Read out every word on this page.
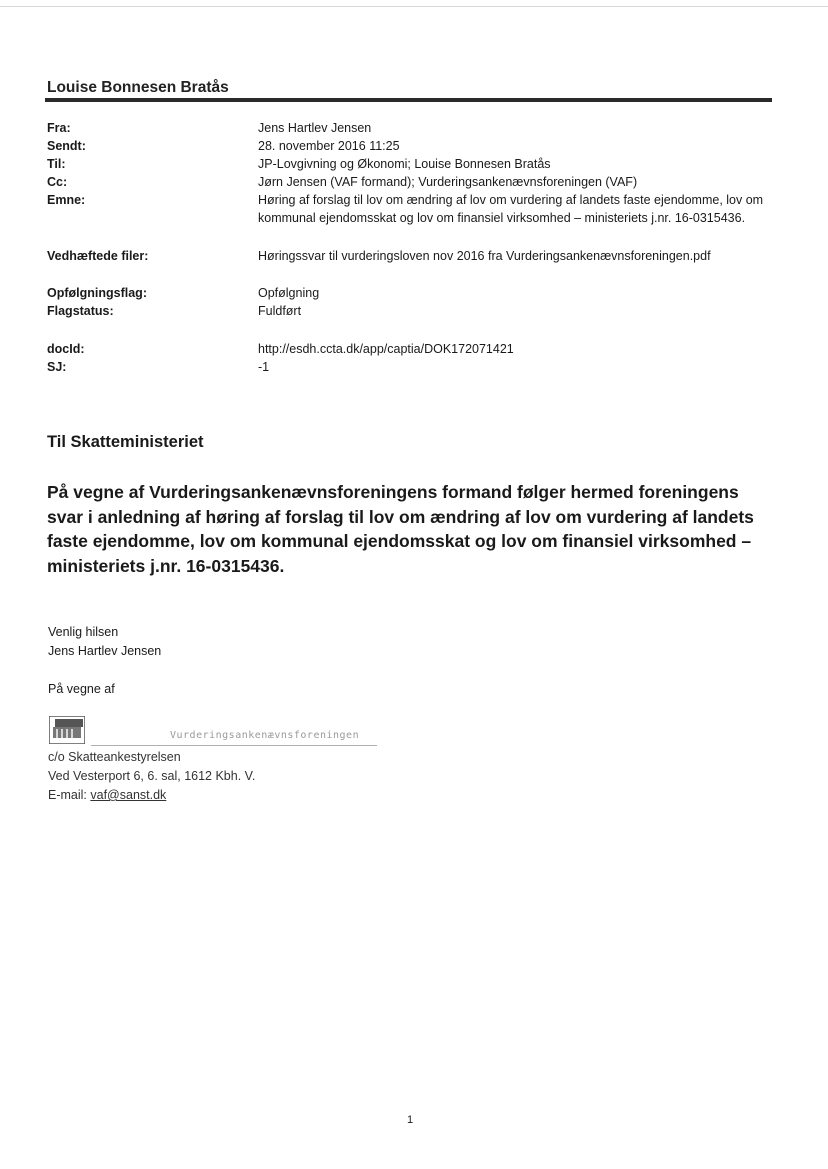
Louise Bonnesen Bratås
Fra:	Jens Hartlev Jensen
Sendt:	28. november 2016 11:25
Til:	JP-Lovgivning og Økonomi; Louise Bonnesen Bratås
Cc:	Jørn Jensen (VAF formand); Vurderingsankenævnsforeningen (VAF)
Emne:	Høring af forslag til lov om ændring af lov om vurdering af landets faste ejendomme, lov om kommunal ejendomsskat og lov om finansiel virksomhed – ministeriets j.nr. 16-0315436.
Vedhæftede filer:	Høringssvar til vurderingsloven nov 2016 fra Vurderingsankenævnsforeningen.pdf
Opfølgningsflag:	Opfølgning
Flagstatus:	Fuldført
docId:	http://esdh.ccta.dk/app/captia/DOK172071421
SJ:	-1
Til Skatteministeriet
På vegne af Vurderingsankenævnsforeningens formand følger hermed foreningens svar i anledning af høring af forslag til lov om ændring af lov om vurdering af landets faste ejendomme, lov om kommunal ejendomsskat og lov om finansiel virksomhed – ministeriets j.nr. 16-0315436.
Venlig hilsen
Jens Hartlev Jensen
På vegne af
Vurderingsankenævnsforeningen
c/o Skatteankestyrelsen
Ved Vesterport 6, 6. sal, 1612 Kbh. V.
E-mail: vaf@sanst.dk
1
